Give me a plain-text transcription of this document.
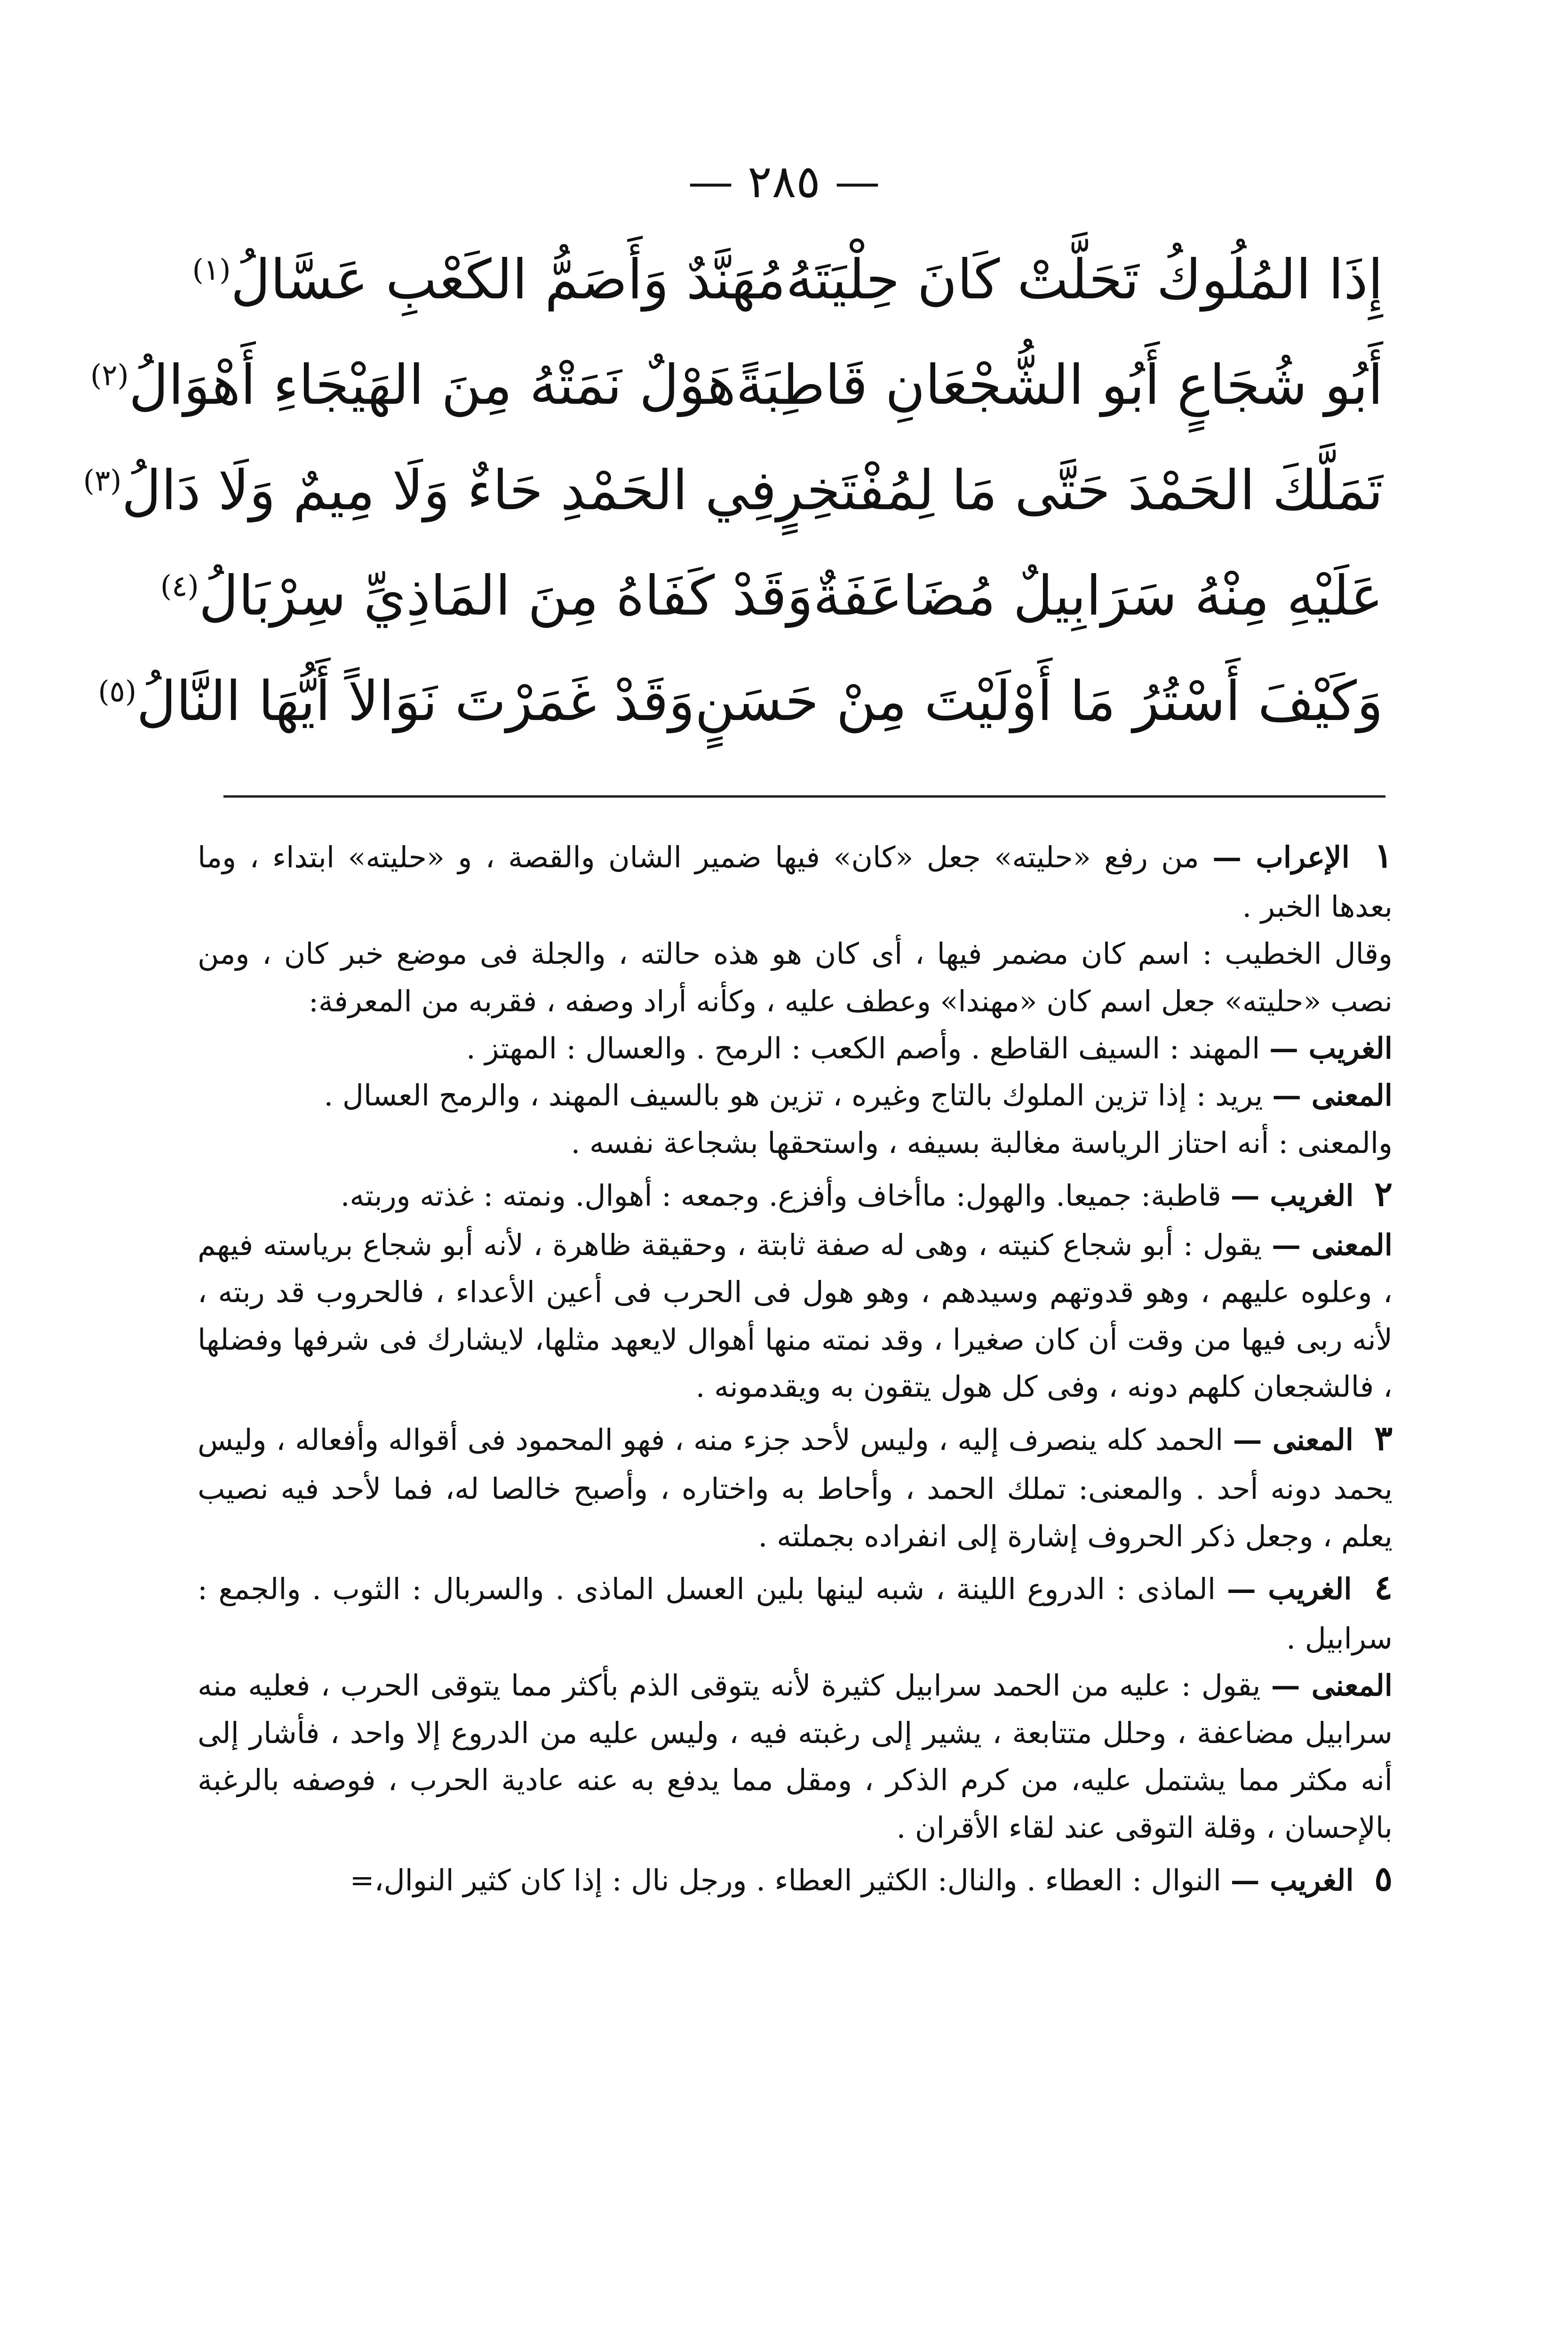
— ٢٨٥ —
إِذَا المُلُوكُ تَحَلَّتْ كَانَ حِلْيَتَهُ
مُهَنَّدٌ وَأَصَمُّ الكَعْبِ عَسَّالُ$^{(١)}$
أَبُو شُجَاعٍ أَبُو الشُّجْعَانِ قَاطِبَةً
هَوْلٌ نَمَتْهُ مِنَ الهَيْجَاءِ أَهْوَالُ$^{(٢)}$
تَمَلَّكَ الحَمْدَ حَتَّى مَا لِمُفْتَخِرٍ
فِي الحَمْدِ حَاءٌ وَلَا مِيمٌ وَلَا دَالُ$^{(٣)}$
عَلَيْهِ مِنْهُ سَرَابِيلٌ مُضَاعَفَةٌ
وَقَدْ كَفَاهُ مِنَ المَاذِيِّ سِرْبَالُ$^{(٤)}$
وَكَيْفَ أَسْتُرُ مَا أَوْلَيْتَ مِنْ حَسَنٍ
وَقَدْ غَمَرْتَ نَوَالاً أَيُّهَا النَّالُ$^{(٥)}$

١ الإعراب — من رفع «حليته» جعل «كان» فيها ضمير الشان والقصة ، و «حليته» ابتداء ، وما بعدها الخبر .

وقال الخطيب : اسم كان مضمر فيها ، أى كان هو هذه حالته ، والجلة فى موضع خبر كان ، ومن نصب «حليته» جعل اسم كان «مهندا» وعطف عليه ، وكأنه أراد وصفه ، فقربه من المعرفة:

الغريب — المهند : السيف القاطع . وأصم الكعب : الرمح . والعسال : المهتز .

المعنى — يريد : إذا تزين الملوك بالتاج وغيره ، تزين هو بالسيف المهند ، والرمح العسال .

والمعنى : أنه احتاز الرياسة مغالبة بسيفه ، واستحقها بشجاعة نفسه .

٢ الغريب — قاطبة: جميعا. والهول: ماأخاف وأفزع. وجمعه : أهوال. ونمته : غذته وربته.

المعنى — يقول : أبو شجاع كنيته ، وهى له صفة ثابتة ، وحقيقة ظاهرة ، لأنه أبو شجاع برياسته فيهم ، وعلوه عليهم ، وهو قدوتهم وسيدهم ، وهو هول فى الحرب فى أعين الأعداء ، فالحروب قد ربته ، لأنه ربى فيها من وقت أن كان صغيرا ، وقد نمته منها أهوال لايعهد مثلها، لايشارك فى شرفها وفضلها ، فالشجعان كلهم دونه ، وفى كل هول يتقون به ويقدمونه .

٣ المعنى — الحمد كله ينصرف إليه ، وليس لأحد جزء منه ، فهو المحمود فى أقواله وأفعاله ، وليس يحمد دونه أحد . والمعنى: تملك الحمد ، وأحاط به واختاره ، وأصبح خالصا له، فما لأحد فيه نصيب يعلم ، وجعل ذكر الحروف إشارة إلى انفراده بجملته .

٤ الغريب — الماذى : الدروع اللينة ، شبه لينها بلين العسل الماذى . والسربال : الثوب . والجمع : سرابيل .

المعنى — يقول : عليه من الحمد سرابيل كثيرة لأنه يتوقى الذم بأكثر مما يتوقى الحرب ، فعليه منه سرابيل مضاعفة ، وحلل متتابعة ، يشير إلى رغبته فيه ، وليس عليه من الدروع إلا واحد ، فأشار إلى أنه مكثر مما يشتمل عليه، من كرم الذكر ، ومقل مما يدفع به عنه عادية الحرب ، فوصفه بالرغبة بالإحسان ، وقلة التوقى عند لقاء الأقران .

٥ الغريب — النوال : العطاء . والنال: الكثير العطاء . ورجل نال : إذا كان كثير النوال،=
